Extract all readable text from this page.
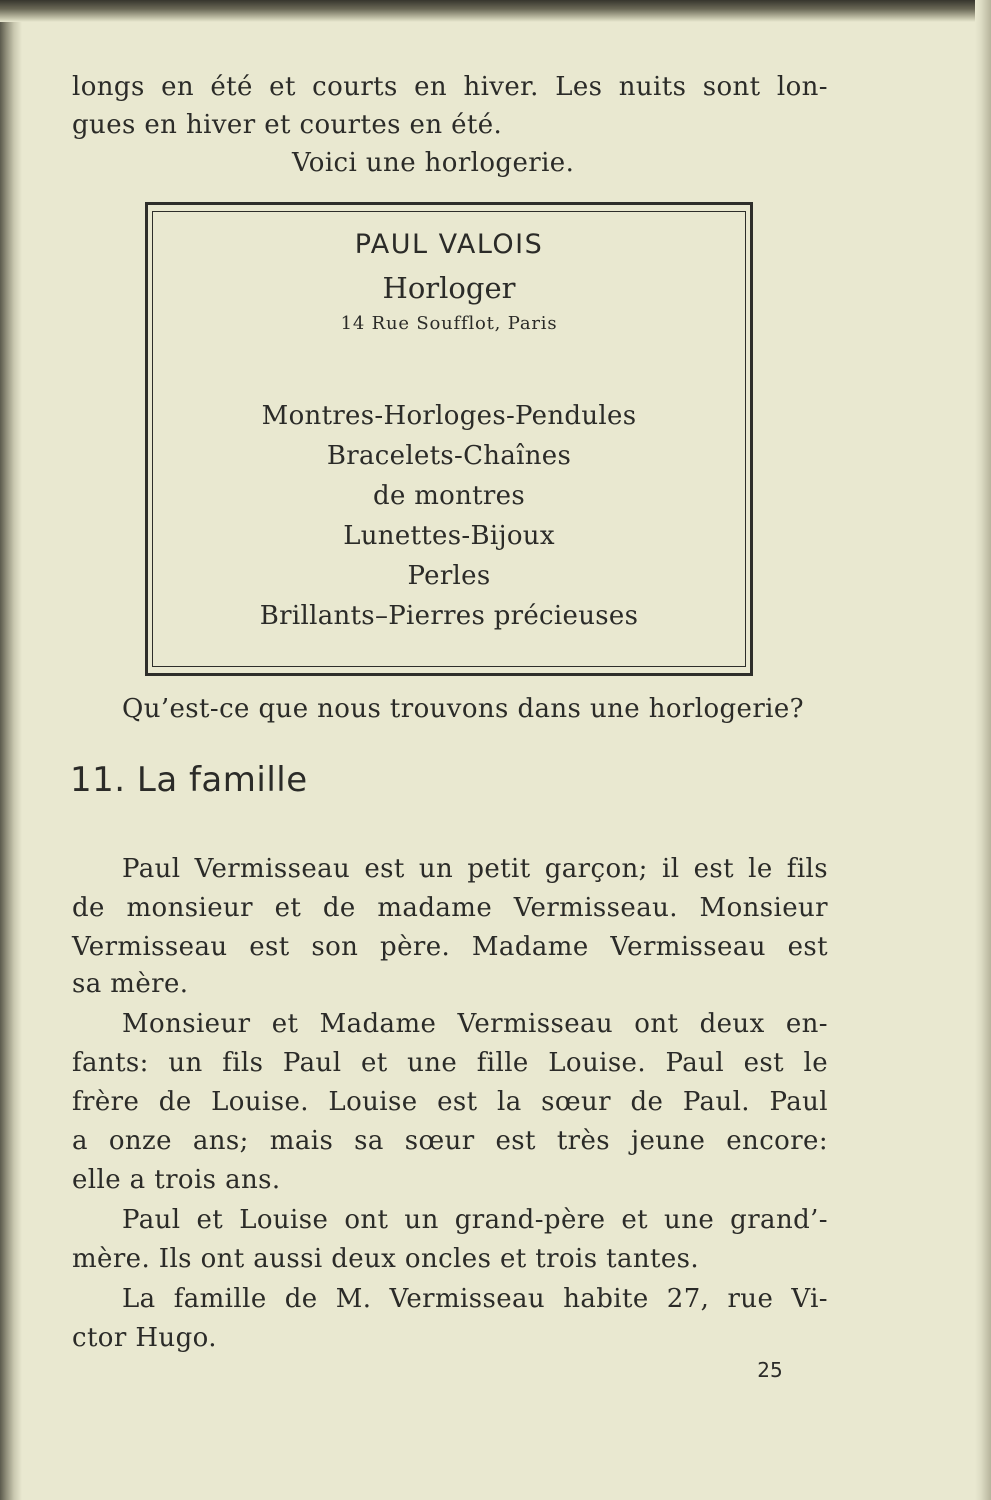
longs en été et courts en hiver. Les nuits sont lon-
gues en hiver et courtes en été.
Voici une horlogerie.
PAUL VALOIS
Horloger
14 Rue Soufflot, Paris
Montres-Horloges-Pendules
Bracelets-Chaînes
de montres
Lunettes-Bijoux
Perles
Brillants–Pierres précieuses
Qu’est-ce que nous trouvons dans une horlogerie?
11. La famille
Paul Vermisseau est un petit garçon; il est le fils
de monsieur et de madame Vermisseau. Monsieur
Vermisseau est son père. Madame Vermisseau est
sa mère.
Monsieur et Madame Vermisseau ont deux en-
fants: un fils Paul et une fille Louise. Paul est le
frère de Louise. Louise est la sœur de Paul. Paul
a onze ans; mais sa sœur est très jeune encore:
elle a trois ans.
Paul et Louise ont un grand-père et une grand’-
mère. Ils ont aussi deux oncles et trois tantes.
La famille de M. Vermisseau habite 27, rue Vi-
ctor Hugo.
25
